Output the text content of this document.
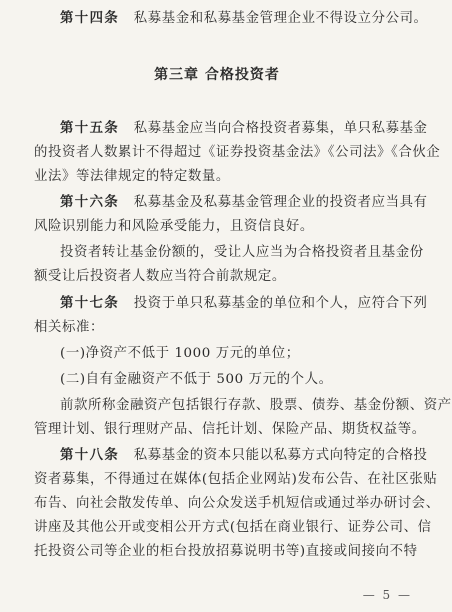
第十四条 私募基金和私募基金管理企业不得设立分公司。
第三章 合格投资者
第十五条 私募基金应当向合格投资者募集，单只私募基金
的投资者人数累计不得超过《证券投资基金法》《公司法》《合伙企
业法》等法律规定的特定数量。
第十六条 私募基金及私募基金管理企业的投资者应当具有
风险识别能力和风险承受能力，且资信良好。
投资者转让基金份额的，受让人应当为合格投资者且基金份
额受让后投资者人数应当符合前款规定。
第十七条 投资于单只私募基金的单位和个人，应符合下列
相关标准：
(一)净资产不低于 1000 万元的单位；
(二)自有金融资产不低于 500 万元的个人。
前款所称金融资产包括银行存款、股票、债券、基金份额、资产
管理计划、银行理财产品、信托计划、保险产品、期货权益等。
第十八条 私募基金的资本只能以私募方式向特定的合格投
资者募集，不得通过在媒体(包括企业网站)发布公告、在社区张贴
布告、向社会散发传单、向公众发送手机短信或通过举办研讨会、
讲座及其他公开或变相公开方式(包括在商业银行、证券公司、信
托投资公司等企业的柜台投放招募说明书等)直接或间接向不特
— 5 —
